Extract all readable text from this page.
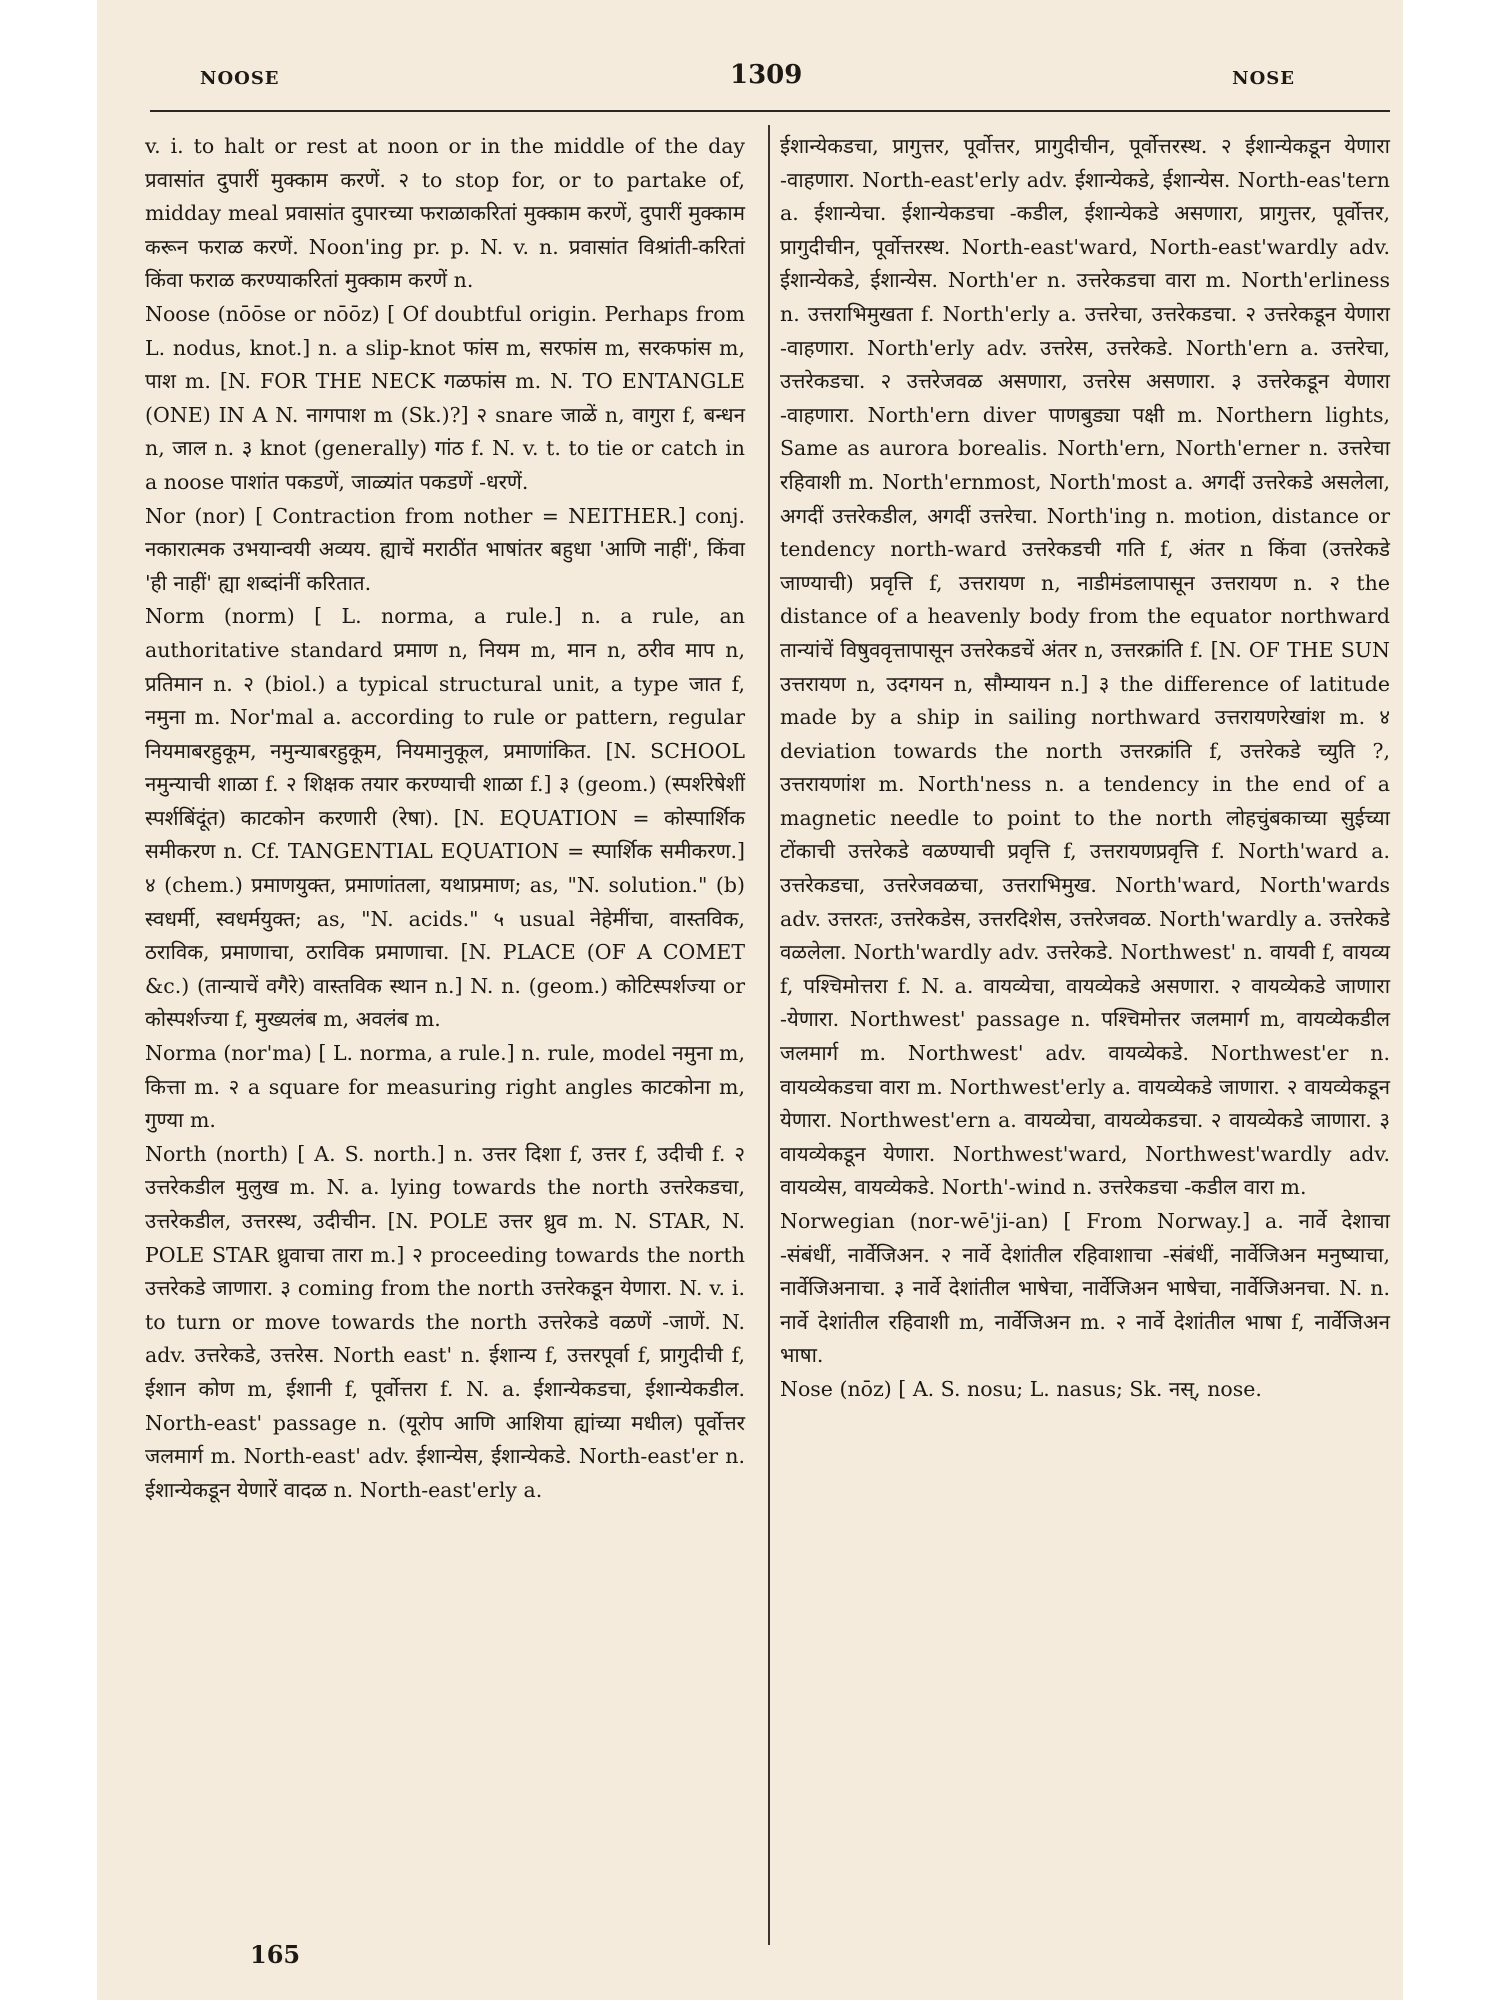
NOOSE	1309	NOSE

v. i. to halt or rest at noon or in the middle of the day प्रवासांत दुपारीं मुक्काम करणें. २ to stop for, or to partake of, midday meal प्रवासांत दुपारच्या फराळाकरितां मुक्काम करणें, दुपारीं मुक्काम करून फराळ करणें. Noon'ing pr. p. N. v. n. प्रवासांत विश्रांती-करितां किंवा फराळ करण्याकरितां मुक्काम करणें n.

Noose (nōōse or nōōz) [ Of doubtful origin. Perhaps from L. nodus, knot.] n. a slip-knot फांस m, सरफांस m, सरकफांस m, पाश m. [N. FOR THE NECK गळफांस m. N. TO ENTANGLE (ONE) IN A N. नागपाश m (Sk.)?] २ snare जाळें n, वागुरा f, बन्धन n, जाल n. ३ knot (generally) गांठ f. N. v. t. to tie or catch in a noose पाशांत पकडणें, जाळ्यांत पकडणें -धरणें.

Nor (nor) [ Contraction from nother = NEITHER.] conj. नकारात्मक उभयान्वयी अव्यय. ह्याचें मराठींत भाषांतर बहुधा 'आणि नाहीं', किंवा 'ही नाहीं' ह्या शब्दांनीं करितात.

Norm (norm) [ L. norma, a rule.] n. a rule, an authoritative standard प्रमाण n, नियम m, मान n, ठरीव माप n, प्रतिमान n. २ (biol.) a typical structural unit, a type जात f, नमुना m. Nor'mal a. according to rule or pattern, regular नियमाबरहुकूम, नमुन्याबरहुकूम, नियमानुकूल, प्रमाणांकित. [N. SCHOOL नमुन्याची शाळा f. २ शिक्षक तयार करण्याची शाळा f.] ३ (geom.) (स्पर्शरेषेशीं स्पर्शबिंदूंत) काटकोन करणारी (रेषा). [N. EQUATION = कोस्पार्शिक समीकरण n. Cf. TANGENTIAL EQUATION = स्पार्शिक समीकरण.] ४ (chem.) प्रमाणयुक्त, प्रमाणांतला, यथाप्रमाण; as, "N. solution." (b) स्वधर्मी, स्वधर्मयुक्त; as, "N. acids." ५ usual नेहेमींचा, वास्तविक, ठराविक, प्रमाणाचा, ठराविक प्रमाणाचा. [N. PLACE (OF A COMET &c.) (तान्याचें वगैरे) वास्तविक स्थान n.] N. n. (geom.) कोटिस्पर्शज्या or कोस्पर्शज्या f, मुख्यलंब m, अवलंब m.

Norma (nor'ma) [ L. norma, a rule.] n. rule, model नमुना m, कित्ता m. २ a square for measuring right angles काटकोना m, गुण्या m.

North (north) [ A. S. north.] n. उत्तर दिशा f, उत्तर f, उदीची f. २ उत्तरेकडील मुलुख m. N. a. lying towards the north उत्तरेकडचा, उत्तरेकडील, उत्तरस्थ, उदीचीन. [N. POLE उत्तर ध्रुव m. N. STAR, N. POLE STAR ध्रुवाचा तारा m.] २ proceeding towards the north उत्तरेकडे जाणारा. ३ coming from the north उत्तरेकडून येणारा. N. v. i. to turn or move towards the north उत्तरेकडे वळणें -जाणें. N. adv. उत्तरेकडे, उत्तरेस. North east' n. ईशान्य f, उत्तरपूर्वा f, प्रागुदीची f, ईशान कोण m, ईशानी f, पूर्वोत्तरा f. N. a. ईशान्येकडचा, ईशान्येकडील. North-east' passage n. (यूरोप आणि आशिया ह्यांच्या मधील) पूर्वोत्तर जलमार्ग m. North-east' adv. ईशान्येस, ईशान्येकडे. North-east'er n. ईशान्येकडून येणारें वादळ n. North-east'erly a.

ईशान्येकडचा, प्रागुत्तर, पूर्वोत्तर, प्रागुदीचीन, पूर्वोत्तरस्थ. २ ईशान्येकडून येणारा -वाहणारा. North-east'erly adv. ईशान्येकडे, ईशान्येस. North-eas'tern a. ईशान्येचा. ईशान्येकडचा -कडील, ईशान्येकडे असणारा, प्रागुत्तर, पूर्वोत्तर, प्रागुदीचीन, पूर्वोत्तरस्थ. North-east'ward, North-east'wardly adv. ईशान्येकडे, ईशान्येस. North'er n. उत्तरेकडचा वारा m. North'erliness n. उत्तराभिमुखता f. North'erly a. उत्तरेचा, उत्तरेकडचा. २ उत्तरेकडून येणारा -वाहणारा. North'erly adv. उत्तरेस, उत्तरेकडे. North'ern a. उत्तरेचा, उत्तरेकडचा. २ उत्तरेजवळ असणारा, उत्तरेस असणारा. ३ उत्तरेकडून येणारा -वाहणारा. North'ern diver पाणबुड्या पक्षी m. Northern lights, Same as aurora borealis. North'ern, North'erner n. उत्तरेचा रहिवाशी m. North'ernmost, North'most a. अगदीं उत्तरेकडे असलेला, अगदीं उत्तरेकडील, अगदीं उत्तरेचा. North'ing n. motion, distance or tendency north-ward उत्तरेकडची गति f, अंतर n किंवा (उत्तरेकडे जाण्याची) प्रवृत्ति f, उत्तरायण n, नाडीमंडलापासून उत्तरायण n. २ the distance of a heavenly body from the equator northward तान्यांचें विषुववृत्तापासून उत्तरेकडचें अंतर n, उत्तरक्रांति f. [N. OF THE SUN उत्तरायण n, उदगयन n, सौम्यायन n.] ३ the difference of latitude made by a ship in sailing northward उत्तरायणरेखांश m. ४ deviation towards the north उत्तरक्रांति f, उत्तरेकडे च्युति ?, उत्तरायणांश m. North'ness n. a tendency in the end of a magnetic needle to point to the north लोहचुंबकाच्या सुईच्या टोंकाची उत्तरेकडे वळण्याची प्रवृत्ति f, उत्तरायणप्रवृत्ति f. North'ward a. उत्तरेकडचा, उत्तरेजवळचा, उत्तराभिमुख. North'ward, North'wards adv. उत्तरतः, उत्तरेकडेस, उत्तरदिशेस, उत्तरेजवळ. North'wardly a. उत्तरेकडे वळलेला. North'wardly adv. उत्तरेकडे. Northwest' n. वायवी f, वायव्य f, पश्चिमोत्तरा f. N. a. वायव्येचा, वायव्येकडे असणारा. २ वायव्येकडे जाणारा -येणारा. Northwest' passage n. पश्चिमोत्तर जलमार्ग m, वायव्येकडील जलमार्ग m. Northwest' adv. वायव्येकडे. Northwest'er n. वायव्येकडचा वारा m. Northwest'erly a. वायव्येकडे जाणारा. २ वायव्येकडून येणारा. Northwest'ern a. वायव्येचा, वायव्येकडचा. २ वायव्येकडे जाणारा. ३ वायव्येकडून येणारा. Northwest'ward, Northwest'wardly adv. वायव्येस, वायव्येकडे. North'-wind n. उत्तरेकडचा -कडील वारा m.

Norwegian (nor-wē'ji-an) [ From Norway.] a. नार्वे देशाचा -संबंधीं, नार्वेजिअन. २ नार्वे देशांतील रहिवाशाचा -संबंधीं, नार्वेजिअन मनुष्याचा, नार्वेजिअनाचा. ३ नार्वे देशांतील भाषेचा, नार्वेजिअन भाषेचा, नार्वेजिअनचा. N. n. नार्वे देशांतील रहिवाशी m, नार्वेजिअन m. २ नार्वे देशांतील भाषा f, नार्वेजिअन भाषा.

Nose (nōz) [ A. S. nosu; L. nasus; Sk. नस्, nose.

165
